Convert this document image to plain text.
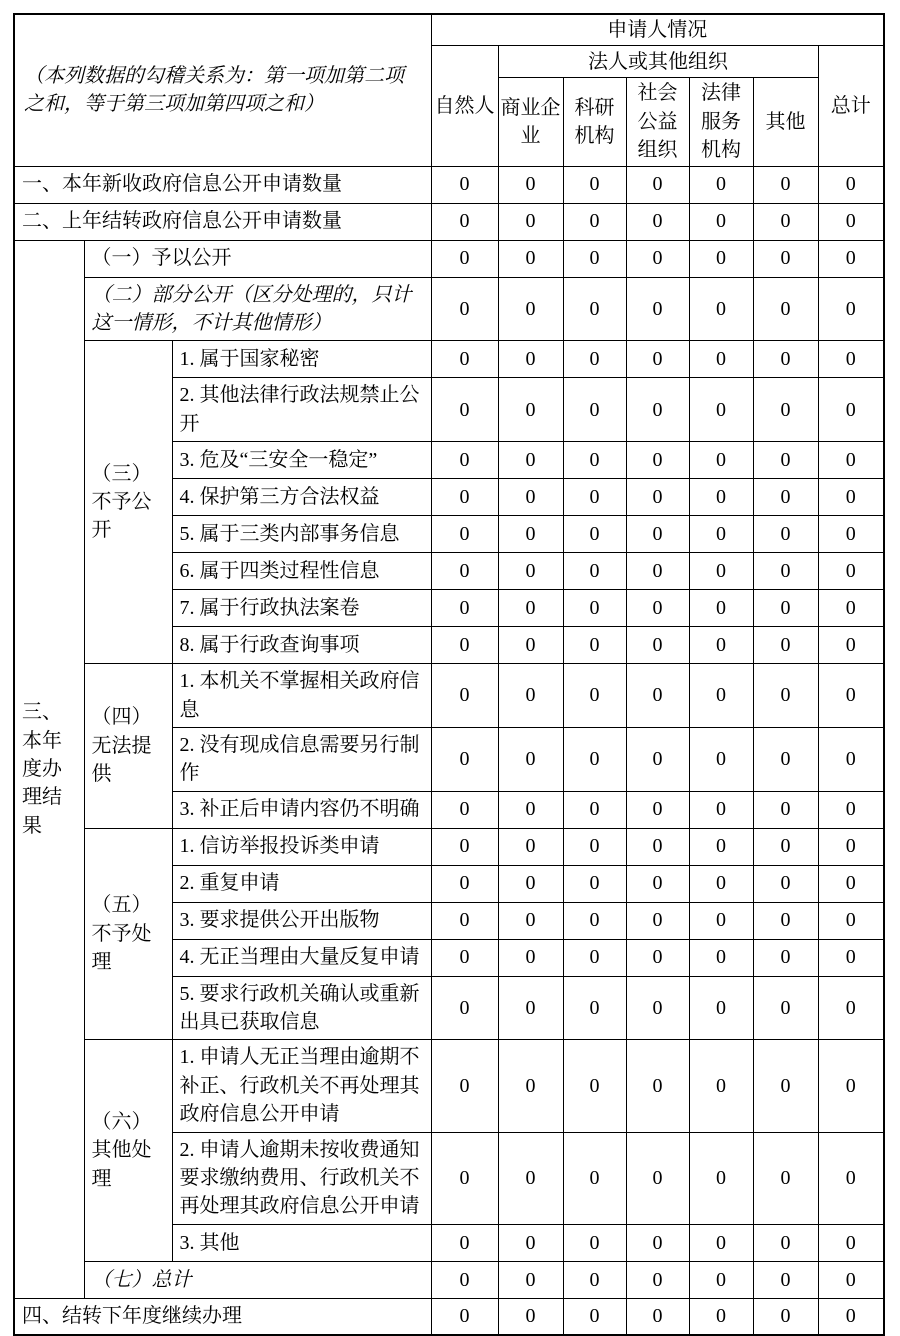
（本列数据的勾稽关系为：第一项加第二项之和，等于第三项加第四项之和）			申请人情况						
			自然人	法人或其他组织					总计
				商业企业	科研机构	社会公益组织	法律服务机构	其他	
一、本年新收政府信息公开申请数量			0	0	0	0	0	0	0
二、上年结转政府信息公开申请数量			0	0	0	0	0	0	0
三、本年度办理结果	（一）予以公开		0	0	0	0	0	0	0
	（二）部分公开（区分处理的，只计这一情形，不计其他情形）		0	0	0	0	0	0	0
	（三）不予公开	1. 属于国家秘密	0	0	0	0	0	0	0
		2. 其他法律行政法规禁止公开	0	0	0	0	0	0	0
		3. 危及“三安全一稳定”	0	0	0	0	0	0	0
		4. 保护第三方合法权益	0	0	0	0	0	0	0
		5. 属于三类内部事务信息	0	0	0	0	0	0	0
		6. 属于四类过程性信息	0	0	0	0	0	0	0
		7. 属于行政执法案卷	0	0	0	0	0	0	0
		8. 属于行政查询事项	0	0	0	0	0	0	0
	（四）无法提供	1. 本机关不掌握相关政府信息	0	0	0	0	0	0	0
		2. 没有现成信息需要另行制作	0	0	0	0	0	0	0
		3. 补正后申请内容仍不明确	0	0	0	0	0	0	0
	（五）不予处理	1. 信访举报投诉类申请	0	0	0	0	0	0	0
		2. 重复申请	0	0	0	0	0	0	0
		3. 要求提供公开出版物	0	0	0	0	0	0	0
		4. 无正当理由大量反复申请	0	0	0	0	0	0	0
		5. 要求行政机关确认或重新出具已获取信息	0	0	0	0	0	0	0
	（六）其他处理	1. 申请人无正当理由逾期不补正、行政机关不再处理其政府信息公开申请	0	0	0	0	0	0	0
		2. 申请人逾期未按收费通知要求缴纳费用、行政机关不再处理其政府信息公开申请	0	0	0	0	0	0	0
		3. 其他	0	0	0	0	0	0	0
	（七）总计		0	0	0	0	0	0	0
四、结转下年度继续办理			0	0	0	0	0	0	0
